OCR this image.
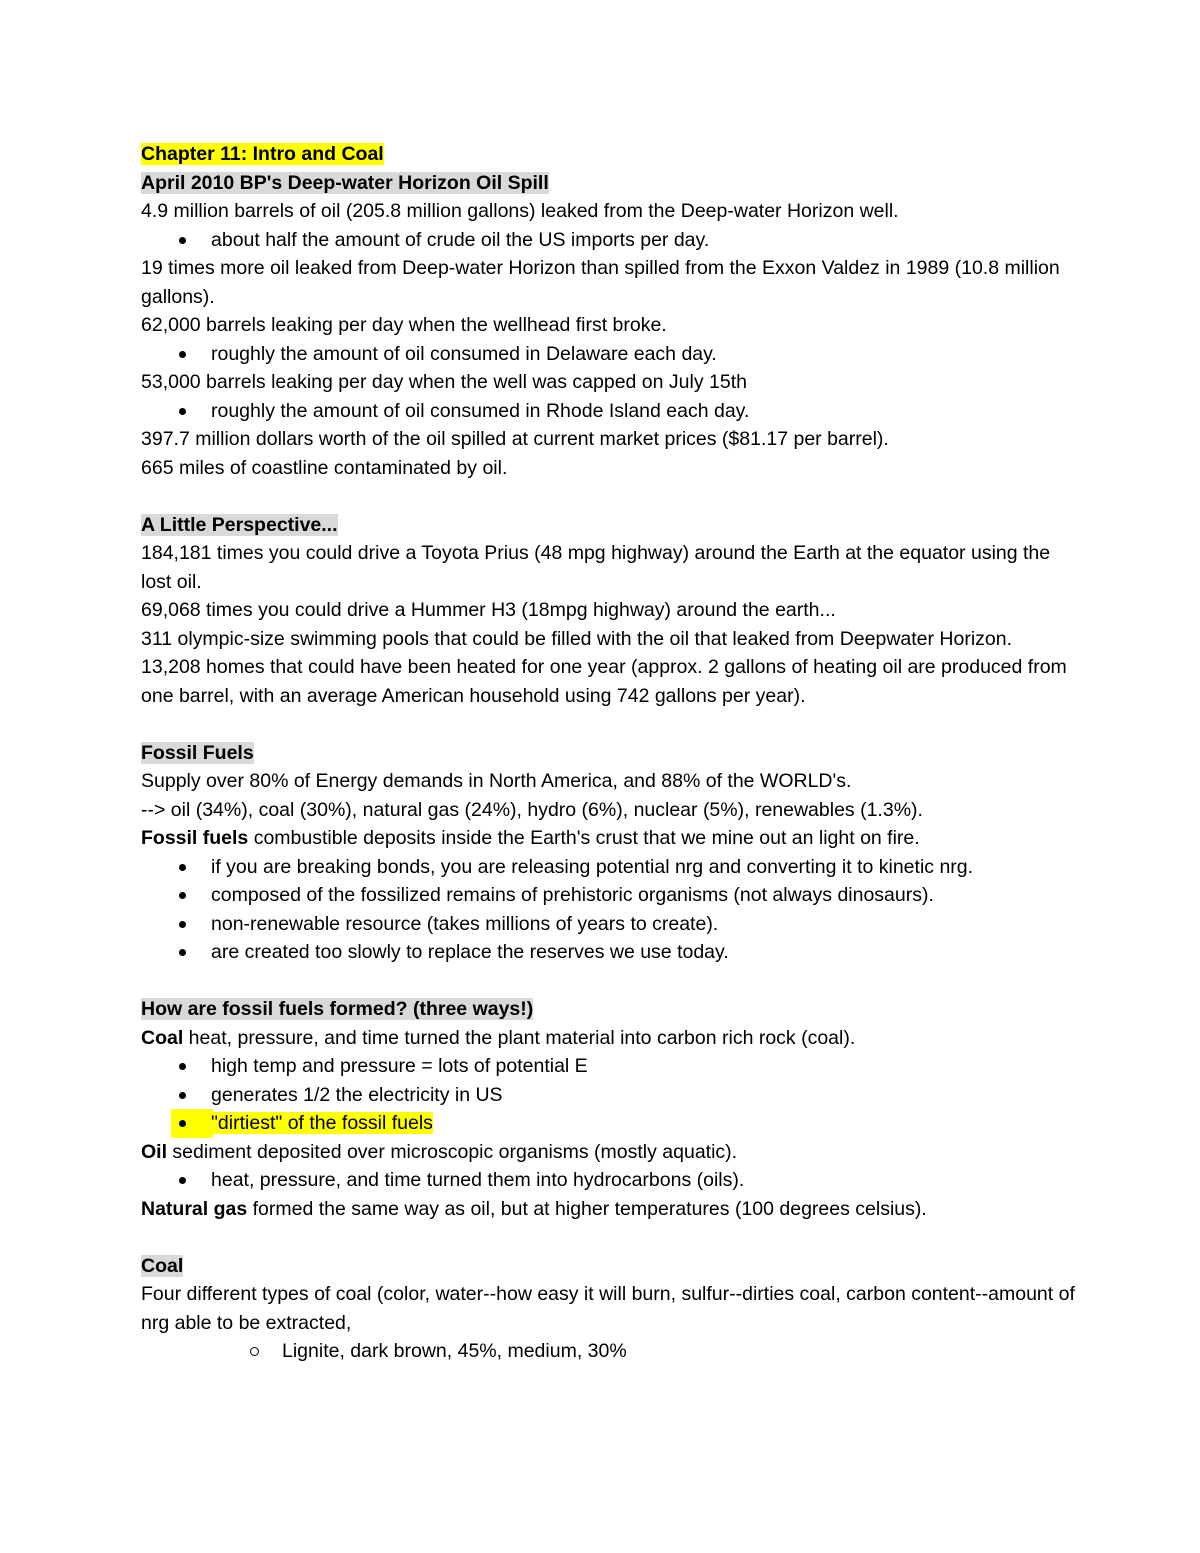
Chapter 11: Intro and Coal
April 2010 BP's Deep-water Horizon Oil Spill
4.9 million barrels of oil (205.8 million gallons) leaked from the Deep-water Horizon well.
about half the amount of crude oil the US imports per day.
19 times more oil leaked from Deep-water Horizon than spilled from the Exxon Valdez in 1989 (10.8 million gallons).
62,000 barrels leaking per day when the wellhead first broke.
roughly the amount of oil consumed in Delaware each day.
53,000 barrels leaking per day when the well was capped on July 15th
roughly the amount of oil consumed in Rhode Island each day.
397.7 million dollars worth of the oil spilled at current market prices ($81.17 per barrel).
665 miles of coastline contaminated by oil.
A Little Perspective...
184,181 times you could drive a Toyota Prius (48 mpg highway) around the Earth at the equator using the lost oil.
69,068 times you could drive a Hummer H3 (18mpg highway) around the earth...
311 olympic-size swimming pools that could be filled with the oil that leaked from Deepwater Horizon.
13,208 homes that could have been heated for one year (approx. 2 gallons of heating oil are produced from one barrel, with an average American household using 742 gallons per year).
Fossil Fuels
Supply over 80% of Energy demands in North America, and 88% of the WORLD's.
--> oil (34%), coal (30%), natural gas (24%), hydro (6%), nuclear (5%), renewables (1.3%).
Fossil fuels combustible deposits inside the Earth's crust that we mine out an light on fire.
if you are breaking bonds, you are releasing potential nrg and converting it to kinetic nrg.
composed of the fossilized remains of prehistoric organisms (not always dinosaurs).
non-renewable resource (takes millions of years to create).
are created too slowly to replace the reserves we use today.
How are fossil fuels formed? (three ways!)
Coal heat, pressure, and time turned the plant material into carbon rich rock (coal).
high temp and pressure = lots of potential E
generates 1/2 the electricity in US
"dirtiest" of the fossil fuels
Oil sediment deposited over microscopic organisms (mostly aquatic).
heat, pressure, and time turned them into hydrocarbons (oils).
Natural gas formed the same way as oil, but at higher temperatures (100 degrees celsius).
Coal
Four different types of coal (color, water--how easy it will burn, sulfur--dirties coal, carbon content--amount of nrg able to be extracted,
Lignite, dark brown, 45%, medium, 30%
